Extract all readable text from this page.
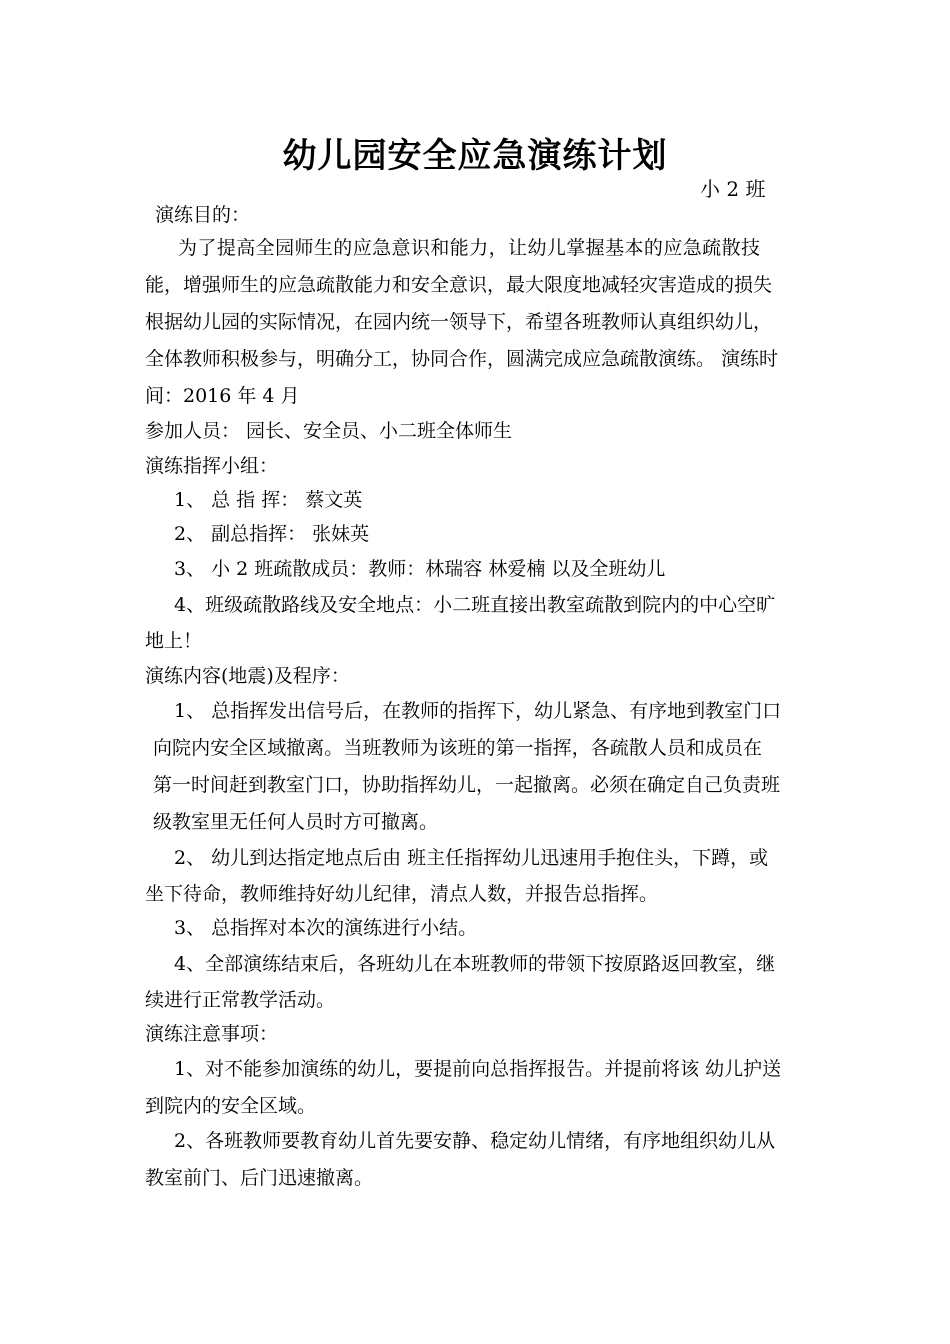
幼儿园安全应急演练计划
小 2 班
演练目的：
为了提高全园师生的应急意识和能力，让幼儿掌握基本的应急疏散技
能，增强师生的应急疏散能力和安全意识，最大限度地减轻灾害造成的损失
根据幼儿园的实际情况，在园内统一领导下，希望各班教师认真组织幼儿，
全体教师积极参与，明确分工，协同合作，圆满完成应急疏散演练。 演练时
间：2016 年 4 月
参加人员： 园长、安全员、小二班全体师生
演练指挥小组：
1、 总 指 挥： 蔡文英
2、 副总指挥： 张妹英
3、 小 2 班疏散成员：教师：林瑞容 林爱楠 以及全班幼儿
4、班级疏散路线及安全地点：小二班直接出教室疏散到院内的中心空旷
地上！
演练内容(地震)及程序：
1、 总指挥发出信号后，在教师的指挥下，幼儿紧急、有序地到教室门口
向院内安全区域撤离。当班教师为该班的第一指挥，各疏散人员和成员在
第一时间赶到教室门口，协助指挥幼儿，一起撤离。必须在确定自己负责班
级教室里无任何人员时方可撤离。
2、 幼儿到达指定地点后由 班主任指挥幼儿迅速用手抱住头，下蹲，或
坐下待命，教师维持好幼儿纪律，清点人数，并报告总指挥。
3、 总指挥对本次的演练进行小结。
4、全部演练结束后，各班幼儿在本班教师的带领下按原路返回教室，继
续进行正常教学活动。
演练注意事项：
1、对不能参加演练的幼儿，要提前向总指挥报告。并提前将该 幼儿护送
到院内的安全区域。
2、各班教师要教育幼儿首先要安静、稳定幼儿情绪，有序地组织幼儿从
教室前门、后门迅速撤离。
